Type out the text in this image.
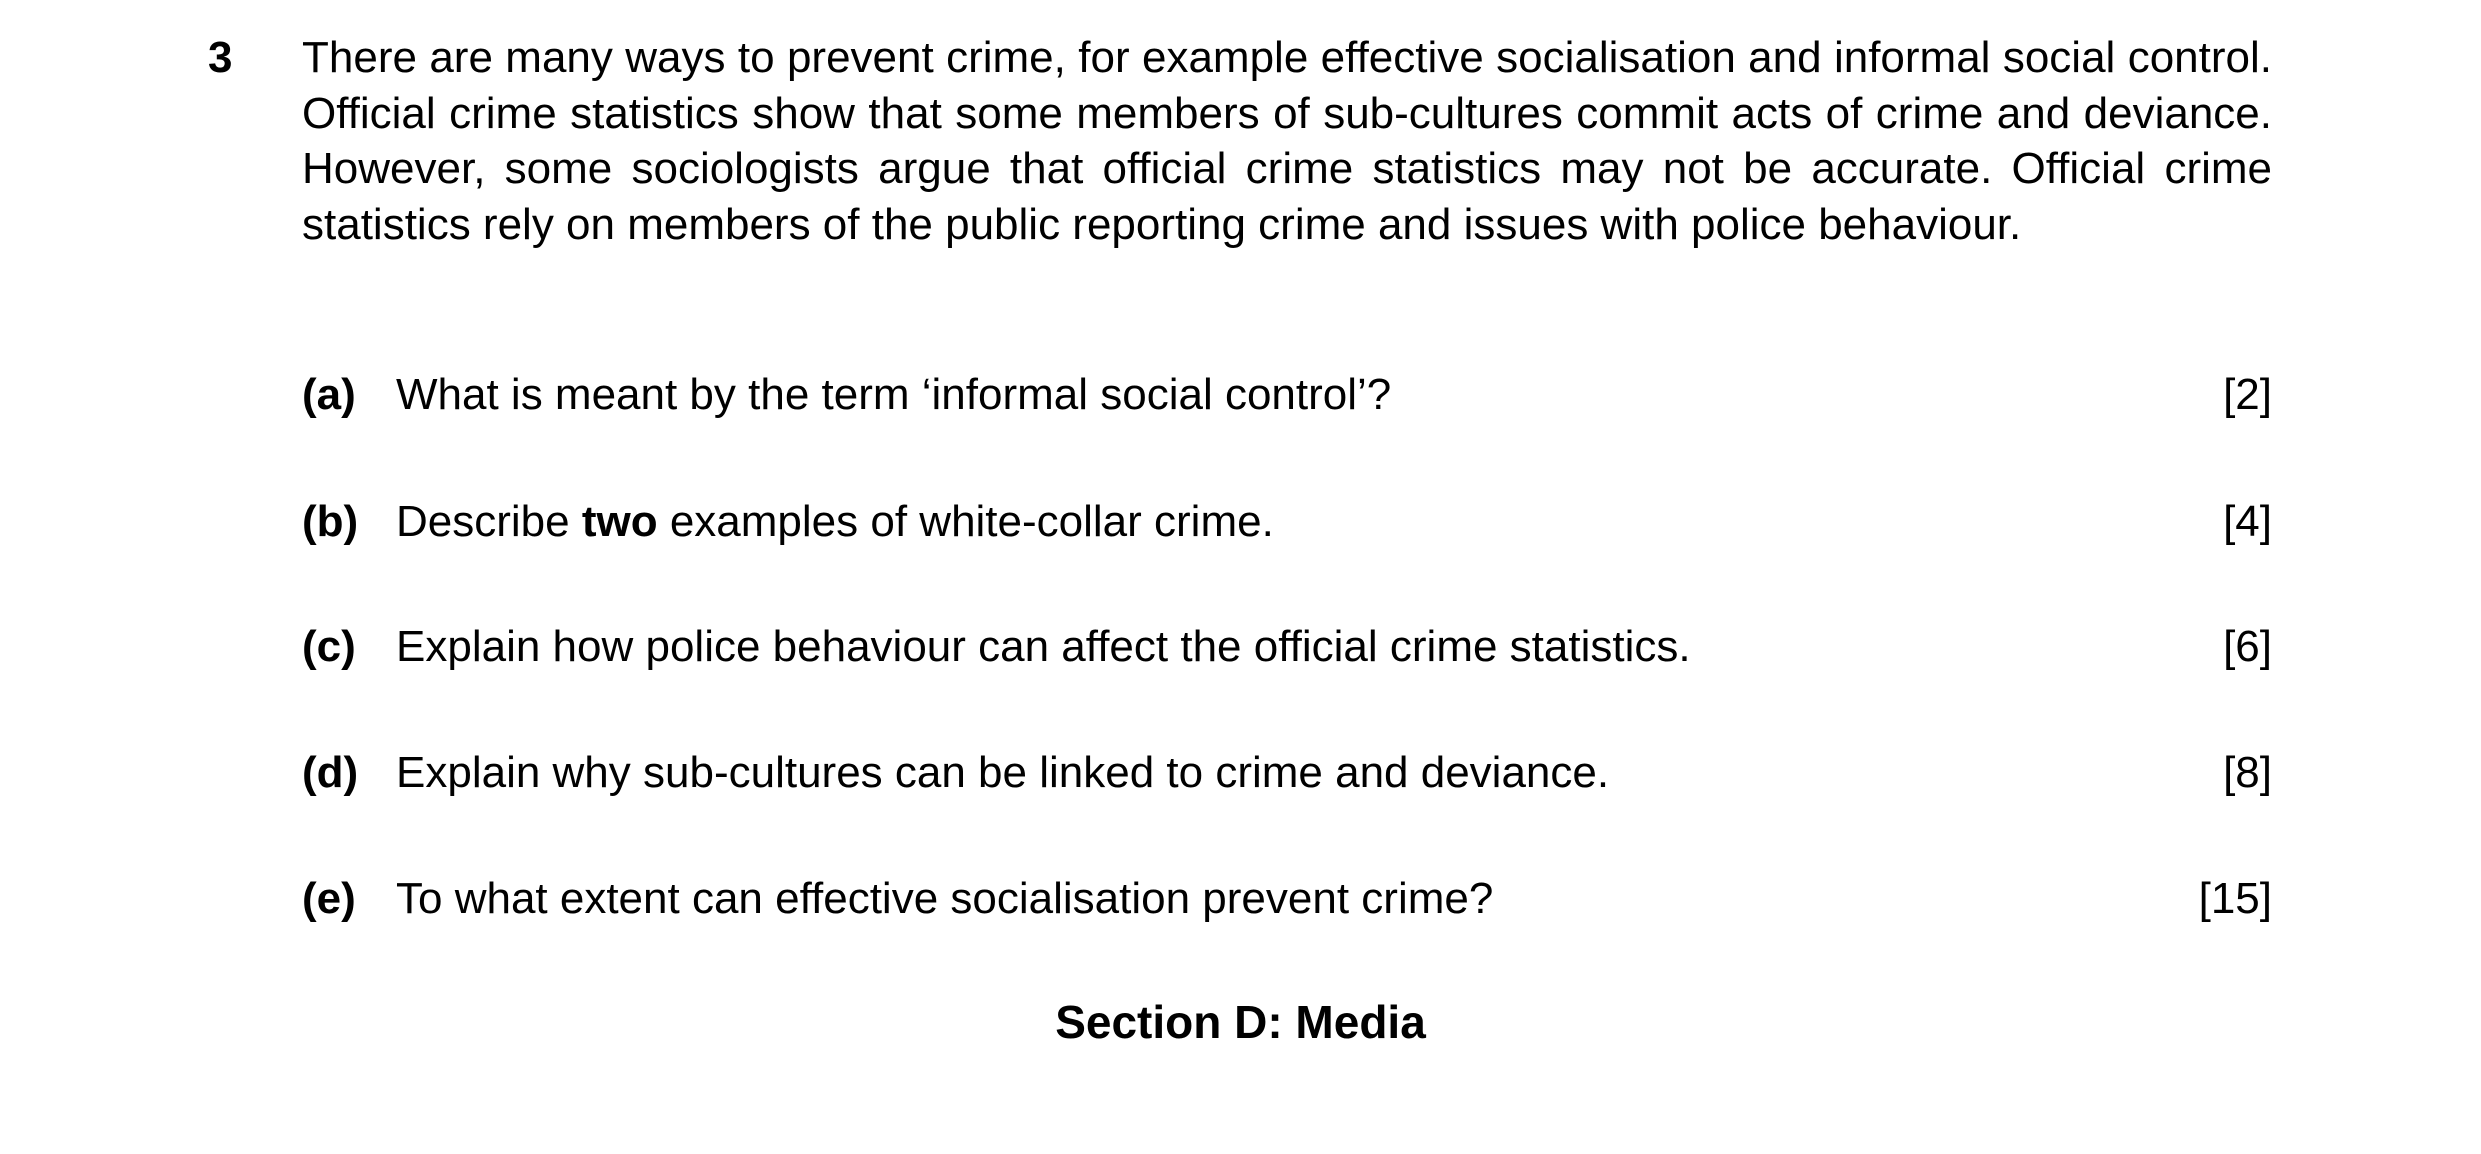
3 There are many ways to prevent crime, for example effective socialisation and informal social control. Official crime statistics show that some members of sub-cultures commit acts of crime and deviance. However, some sociologists argue that official crime statistics may not be accurate. Official crime statistics rely on members of the public reporting crime and issues with police behaviour.
(a) What is meant by the term ‘informal social control’?	[2]
(b) Describe two examples of white-collar crime.	[4]
(c) Explain how police behaviour can affect the official crime statistics.	[6]
(d) Explain why sub-cultures can be linked to crime and deviance.	[8]
(e) To what extent can effective socialisation prevent crime?	[15]
Section D: Media
